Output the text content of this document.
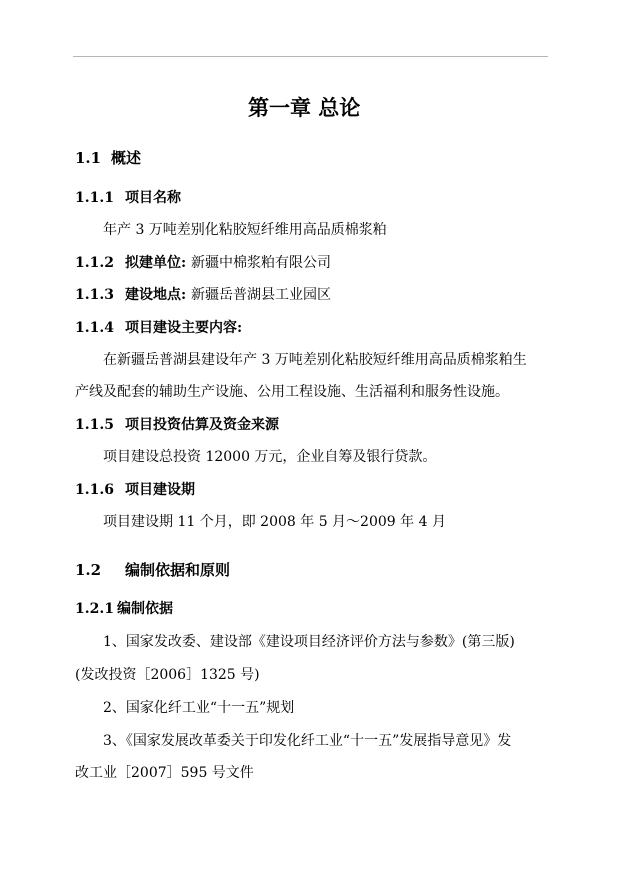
第一章 总论
1.1 概述
1.1.1 项目名称
年产 3 万吨差别化粘胶短纤维用高品质棉浆粕
1.1.2 拟建单位: 新疆中棉浆粕有限公司
1.1.3 建设地点: 新疆岳普湖县工业园区
1.1.4 项目建设主要内容:
在新疆岳普湖县建设年产 3 万吨差别化粘胶短纤维用高品质棉浆粕生
产线及配套的辅助生产设施、公用工程设施、生活福利和服务性设施。
1.1.5 项目投资估算及资金来源
项目建设总投资 12000 万元，企业自筹及银行贷款。
1.1.6 项目建设期
项目建设期 11 个月，即 2008 年 5 月～2009 年 4 月
1.2 编制依据和原则
1.2.1 编制依据
1、国家发改委、建设部《建设项目经济评价方法与参数》(第三版)
(发改投资［2006］1325 号)
2、国家化纤工业“十一五”规划
3、《国家发展改革委关于印发化纤工业“十一五”发展指导意见》发
改工业［2007］595 号文件
